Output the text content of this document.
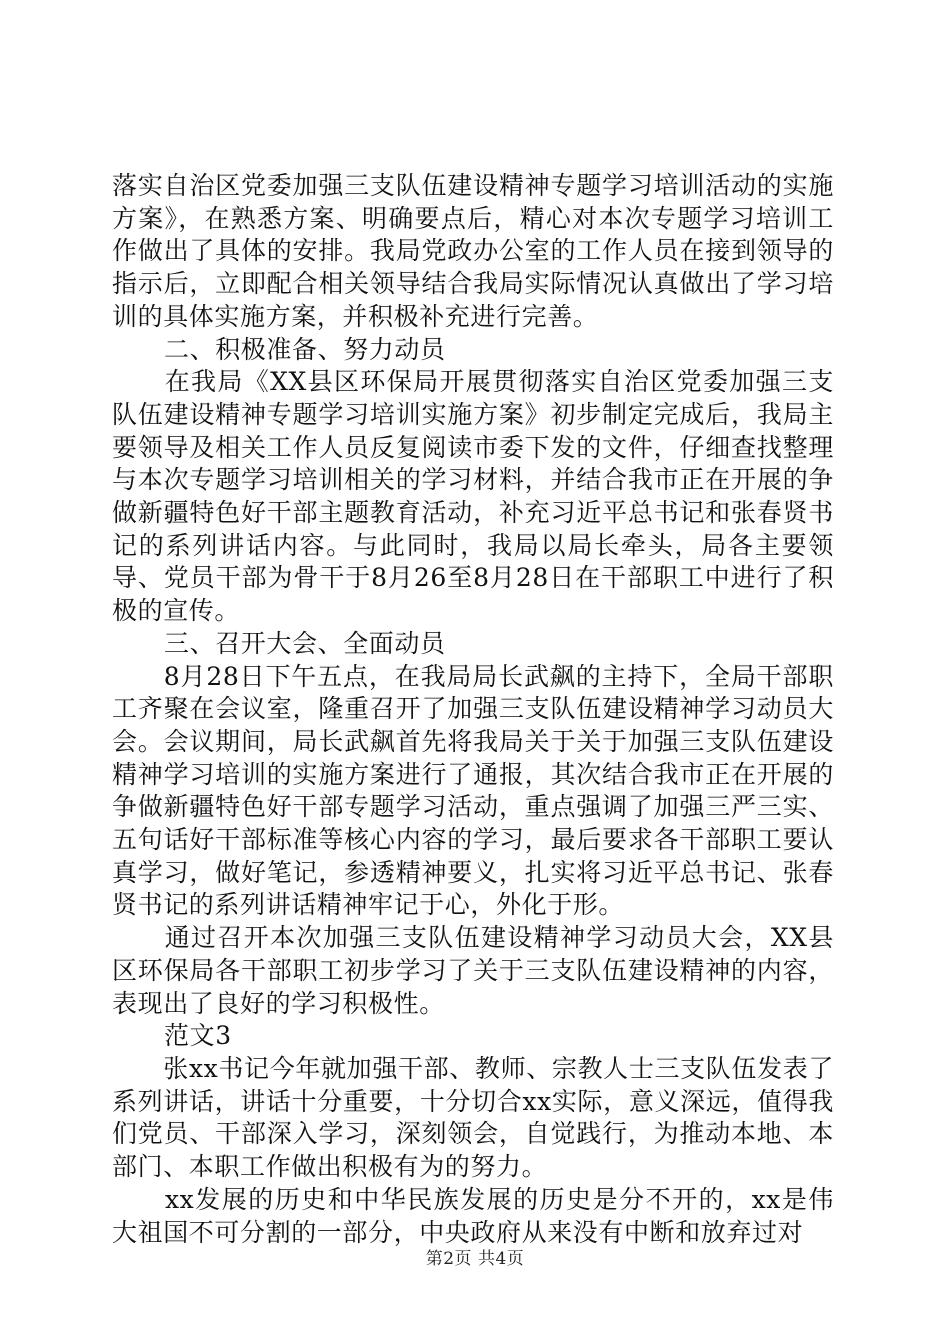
落实自治区党委加强三支队伍建设精神专题学习培训活动的实施方案》，在熟悉方案、明确要点后，精心对本次专题学习培训工作做出了具体的安排。我局党政办公室的工作人员在接到领导的指示后，立即配合相关领导结合我局实际情况认真做出了学习培训的具体实施方案，并积极补充进行完善。

二、积极准备、努力动员

　　在我局《XX县区环保局开展贯彻落实自治区党委加强三支队伍建设精神专题学习培训实施方案》初步制定完成后，我局主要领导及相关工作人员反复阅读市委下发的文件，仔细查找整理与本次专题学习培训相关的学习材料，并结合我市正在开展的争做新疆特色好干部主题教育活动，补充习近平总书记和张春贤书记的系列讲话内容。与此同时，我局以局长牵头，局各主要领导、党员干部为骨干于8月26至8月28日在干部职工中进行了积极的宣传。

三、召开大会、全面动员

　　8月28日下午五点，在我局局长武飙的主持下，全局干部职工齐聚在会议室，隆重召开了加强三支队伍建设精神学习动员大会。会议期间，局长武飙首先将我局关于关于加强三支队伍建设精神学习培训的实施方案进行了通报，其次结合我市正在开展的争做新疆特色好干部专题学习活动，重点强调了加强三严三实、五句话好干部标准等核心内容的学习，最后要求各干部职工要认真学习，做好笔记，参透精神要义，扎实将习近平总书记、张春贤书记的系列讲话精神牢记于心，外化于形。

　　通过召开本次加强三支队伍建设精神学习动员大会，XX县区环保局各干部职工初步学习了关于三支队伍建设精神的内容，表现出了良好的学习积极性。

范文3

　　张xx书记今年就加强干部、教师、宗教人士三支队伍发表了系列讲话，讲话十分重要，十分切合xx实际，意义深远，值得我们党员、干部深入学习，深刻领会，自觉践行，为推动本地、本部门、本职工作做出积极有为的努力。

　　xx发展的历史和中华民族发展的历史是分不开的，xx是伟大祖国不可分割的一部分，中央政府从来没有中断和放弃过对

第2页 共4页
